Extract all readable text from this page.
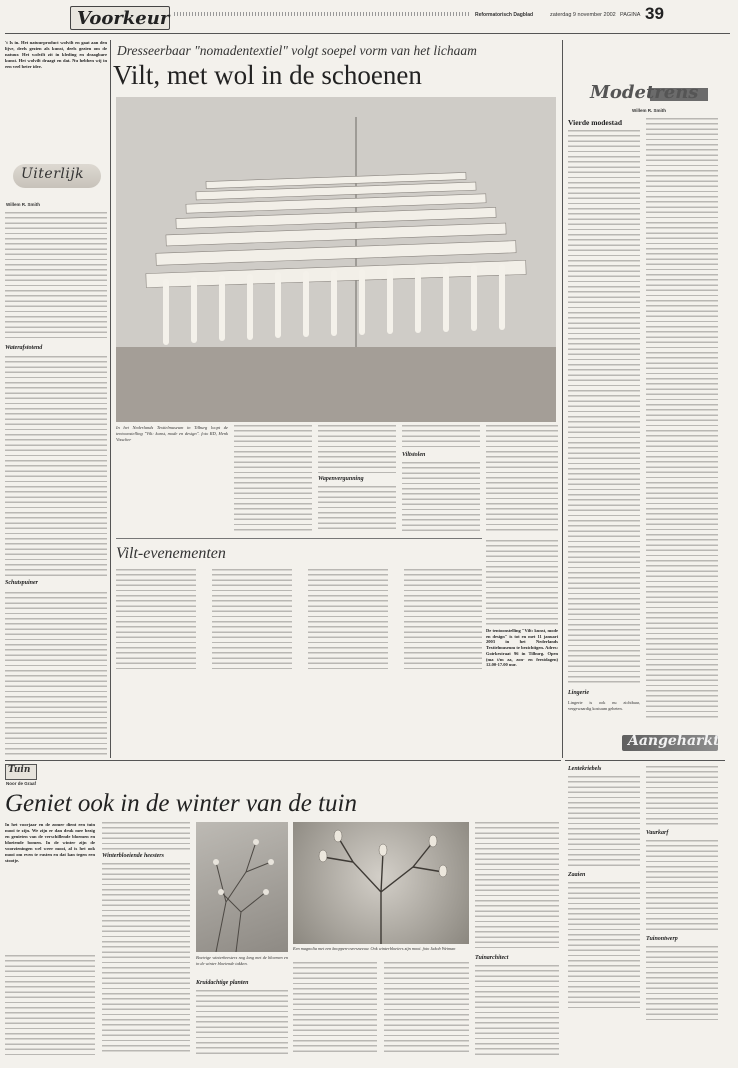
Voorkeur	Reformatorisch Dagblad	zaterdag 9 november 2002 PAGINA 39
't Is in. Het natuurproduct wolvilt en gaat aan den lijve, deels gezien als kunst, deels gezien om de natuur. Het wolvilt zit in kleding en draagbare kunst. Het wolvilt draagt en dat. Nu hebben wij in een veel beter idee.
Uiterlijk
Willem R. Smith
Waterafstotend
Schutspuiner
Dresseerbaar "nomadentextiel" volgt soepel vorm van het lichaam
Vilt, met wol in de schoenen
In het Nederlands Textielmuseum in Tilburg loopt de tentoonstelling "Vilt: kunst, mode en design". foto RD, Henk Visscher
Wapenvergunning
Viltstolen
De tentoonstelling "Vilt: kunst, mode en design" is tot en met 11 januari 2003 in het Nederlands Textielmuseum te bezichtigen. Adres: Goirkestraat 96 in Tilburg. Open (ma t/m za, zon- en feestdagen) 12.00-17.00 uur.
Vilt-evenementen
Modetrens
Willem R. Smith
Vierde modestad
Lingerie
Lingerie is ook nu zichtbaar, vergewaardig kostuum geheten.
Aangeharkt
Lentekriebels
Zaaien
Vaurkarf
Tuinontwerp
Tuin
Noor de Graaf
Geniet ook in de winter van de tuin
In het voorjaar en de zomer dient een tuin mooi te zijn. We zijn er dan druk mee bezig en genieten van de verschillende bloemen en bloeiende bomen. In de winter zijn de voorzieningen wel weer mooi, al is het ook mooi om even te rusten en dat kan tegen een stootje.
Winterbloeiende heesters
Boetvige winterheesters nog lang met de bloemen en in de winter bloeiende takken.
Kruidachtige planten
Een magnolia met een knoppen-oversneeuw. Ook winterbloeiers zijn mooi. foto Jakob Weiman
Tuinarchitect
